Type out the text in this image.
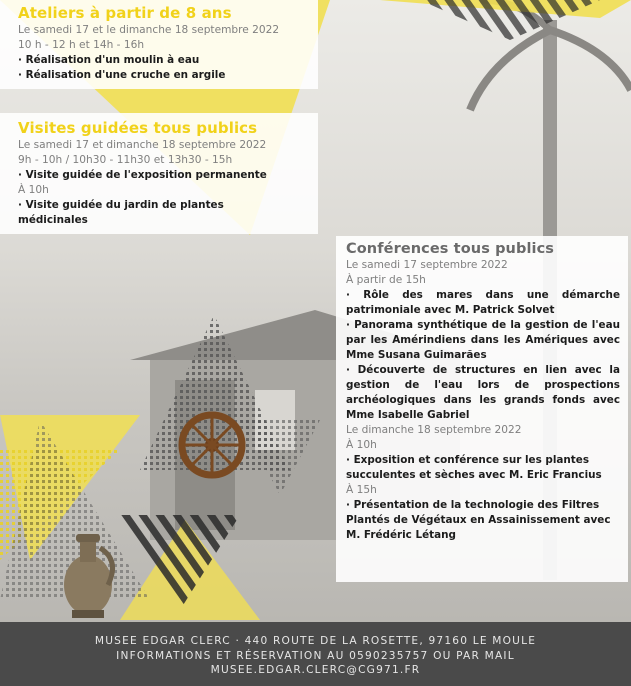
Ateliers à partir de 8 ans

Le samedi 17 et le dimanche 18 septembre 2022

10 h - 12 h et 14h - 16h

· Réalisation d'un moulin à eau

· Réalisation d'une cruche en argile

Visites guidées tous publics

Le samedi 17 et dimanche 18 septembre 2022

9h - 10h / 10h30 - 11h30 et 13h30 - 15h

· Visite guidée de l'exposition permanente

À 10h

· Visite guidée du jardin de plantes médicinales

Conférences tous publics

Le samedi 17 septembre 2022

À partir de 15h

· Rôle des mares dans une démarche patrimoniale avec M. Patrick Solvet

· Panorama synthétique de la gestion de l'eau par les Amérindiens dans les Amériques avec Mme Susana Guimarães

· Découverte de structures en lien avec la gestion de l'eau lors de prospections archéologiques dans les grands fonds avec Mme Isabelle Gabriel

Le dimanche 18 septembre 2022

À 10h

· Exposition et conférence sur les plantes succulentes et sèches avec M. Eric Francius

À 15h

· Présentation de la technologie des Filtres Plantés de Végétaux en Assainissement avec M. Frédéric Létang

MUSEE EDGAR CLERC · 440 ROUTE DE LA ROSETTE, 97160 LE MOULE
INFORMATIONS ET RÉSERVATION AU 0590235757 OU PAR MAIL
MUSEE.EDGAR.CLERC@CG971.FR
